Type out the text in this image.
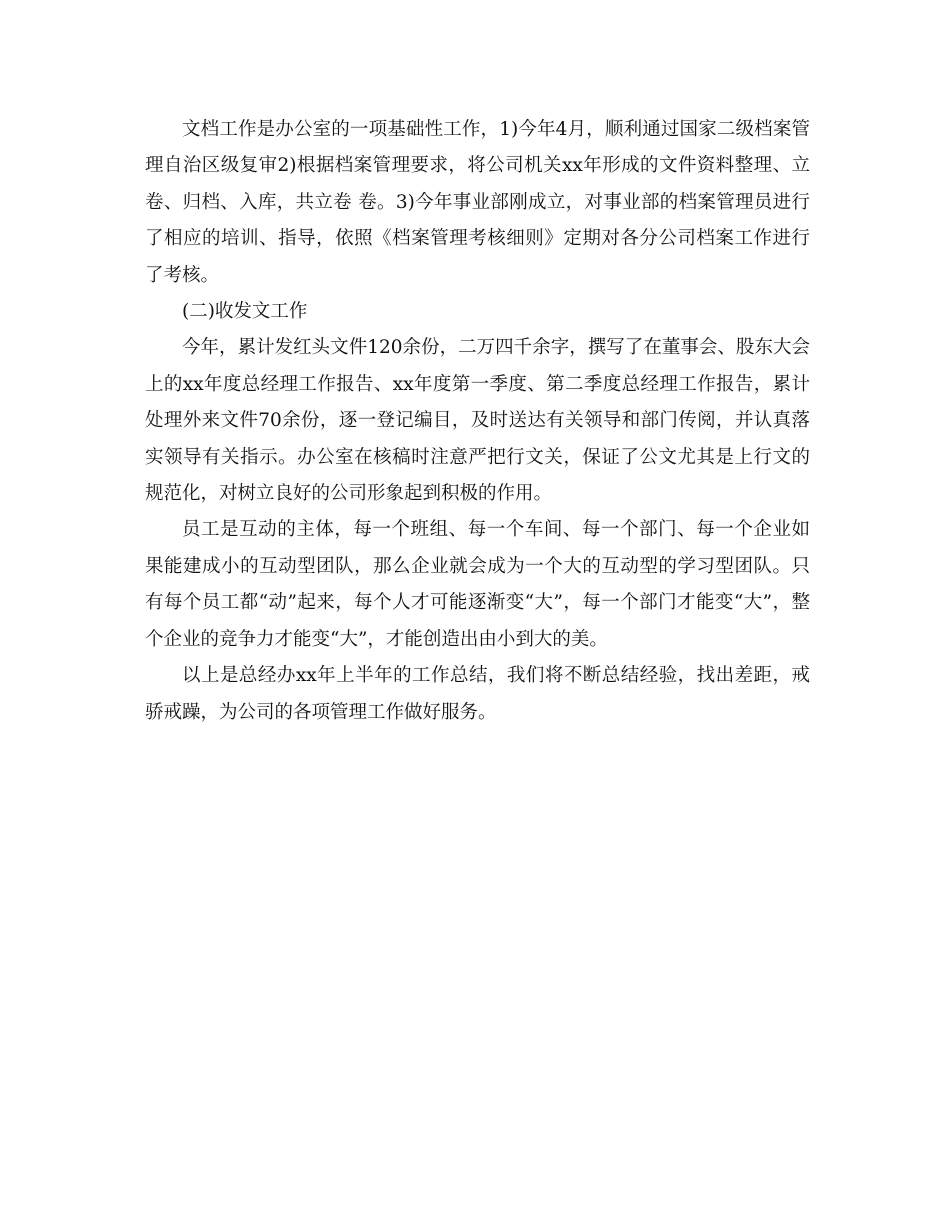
文档工作是办公室的一项基础性工作，1)今年4月，顺利通过国家二级档案管理自治区级复审2)根据档案管理要求，将公司机关xx年形成的文件资料整理、立卷、归档、入库，共立卷 卷。3)今年事业部刚成立，对事业部的档案管理员进行了相应的培训、指导，依照《档案管理考核细则》定期对各分公司档案工作进行了考核。

(二)收发文工作

今年，累计发红头文件120余份，二万四千余字，撰写了在董事会、股东大会上的xx年度总经理工作报告、xx年度第一季度、第二季度总经理工作报告，累计处理外来文件70余份，逐一登记编目，及时送达有关领导和部门传阅，并认真落实领导有关指示。办公室在核稿时注意严把行文关，保证了公文尤其是上行文的规范化，对树立良好的公司形象起到积极的作用。

员工是互动的主体，每一个班组、每一个车间、每一个部门、每一个企业如果能建成小的互动型团队，那么企业就会成为一个大的互动型的学习型团队。只有每个员工都“动”起来，每个人才可能逐渐变“大”，每一个部门才能变“大”，整个企业的竞争力才能变“大”，才能创造出由小到大的美。

以上是总经办xx年上半年的工作总结，我们将不断总结经验，找出差距，戒骄戒躁，为公司的各项管理工作做好服务。
